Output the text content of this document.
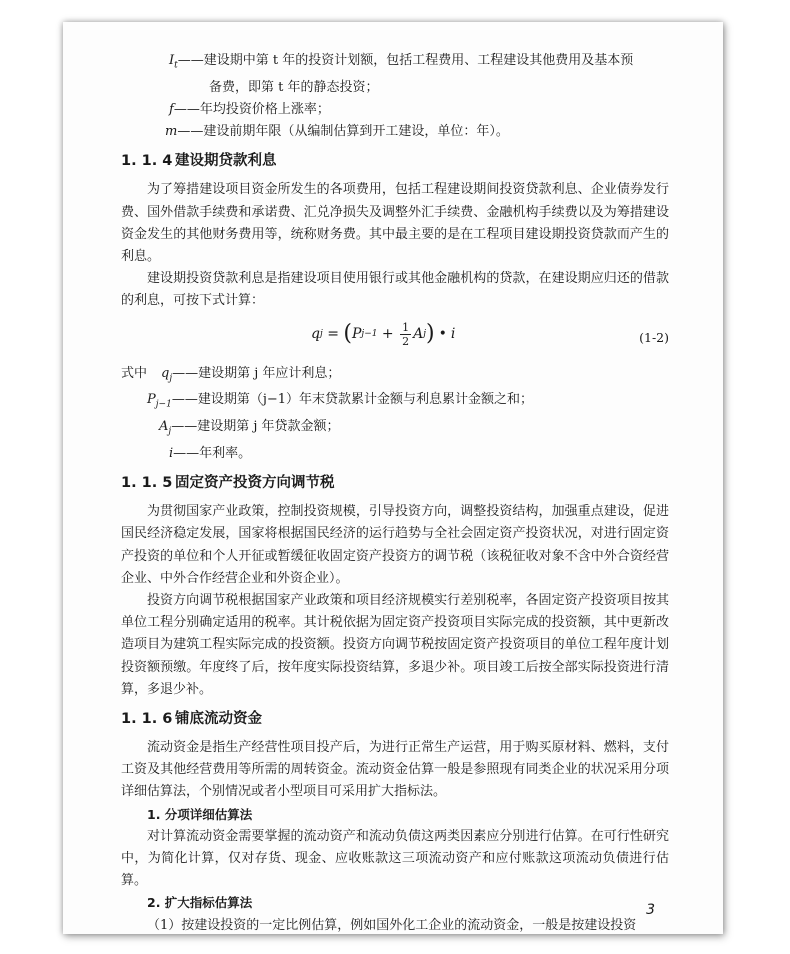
$I_t——$建设期中第 t 年的投资计划额，包括工程费用、工程建设其他费用及基本预
备费，即第 t 年的静态投资；
f——年均投资价格上涨率；
m——建设前期年限（从编制估算到开工建设，单位：年）。
1. 1. 4 建设期贷款利息

为了筹措建设项目资金所发生的各项费用，包括工程建设期间投资贷款利息、企业债券发行费、国外借款手续费和承诺费、汇兑净损失及调整外汇手续费、金融机构手续费以及为筹措建设资金发生的其他财务费用等，统称财务费。其中最主要的是在工程项目建设期投资贷款而产生的利息。

建设期投资贷款利息是指建设项目使用银行或其他金融机构的贷款，在建设期应归还的借款的利息，可按下式计算：

q j = ( P $j-1 + \frac{1}{2}$ A j ) • i	(1-2)
式中 $q_j——$建设期第 j 年应计利息；
$P_{j-1}——$建设期第（j−1）年末贷款累计金额与利息累计金额之和；
$A_j——$建设期第 j 年贷款金额；
i——年利率。
1. 1. 5 固定资产投资方向调节税

为贯彻国家产业政策，控制投资规模，引导投资方向，调整投资结构，加强重点建设，促进国民经济稳定发展，国家将根据国民经济的运行趋势与全社会固定资产投资状况，对进行固定资产投资的单位和个人开征或暂缓征收固定资产投资方的调节税（该税征收对象不含中外合资经营企业、中外合作经营企业和外资企业）。

投资方向调节税根据国家产业政策和项目经济规模实行差别税率，各固定资产投资项目按其单位工程分别确定适用的税率。其计税依据为固定资产投资项目实际完成的投资额，其中更新改造项目为建筑工程实际完成的投资额。投资方向调节税按固定资产投资项目的单位工程年度计划投资额预缴。年度终了后，按年度实际投资结算，多退少补。项目竣工后按全部实际投资进行清算，多退少补。

1. 1. 6 铺底流动资金

流动资金是指生产经营性项目投产后，为进行正常生产运营，用于购买原材料、燃料，支付工资及其他经营费用等所需的周转资金。流动资金估算一般是参照现有同类企业的状况采用分项详细估算法，个别情况或者小型项目可采用扩大指标法。

1. 分项详细估算法

对计算流动资金需要掌握的流动资产和流动负债这两类因素应分别进行估算。在可行性研究中，为简化计算，仅对存货、现金、应收账款这三项流动资产和应付账款这项流动负债进行估算。

2. 扩大指标估算法

（1）按建设投资的一定比例估算，例如国外化工企业的流动资金，一般是按建设投资

3
